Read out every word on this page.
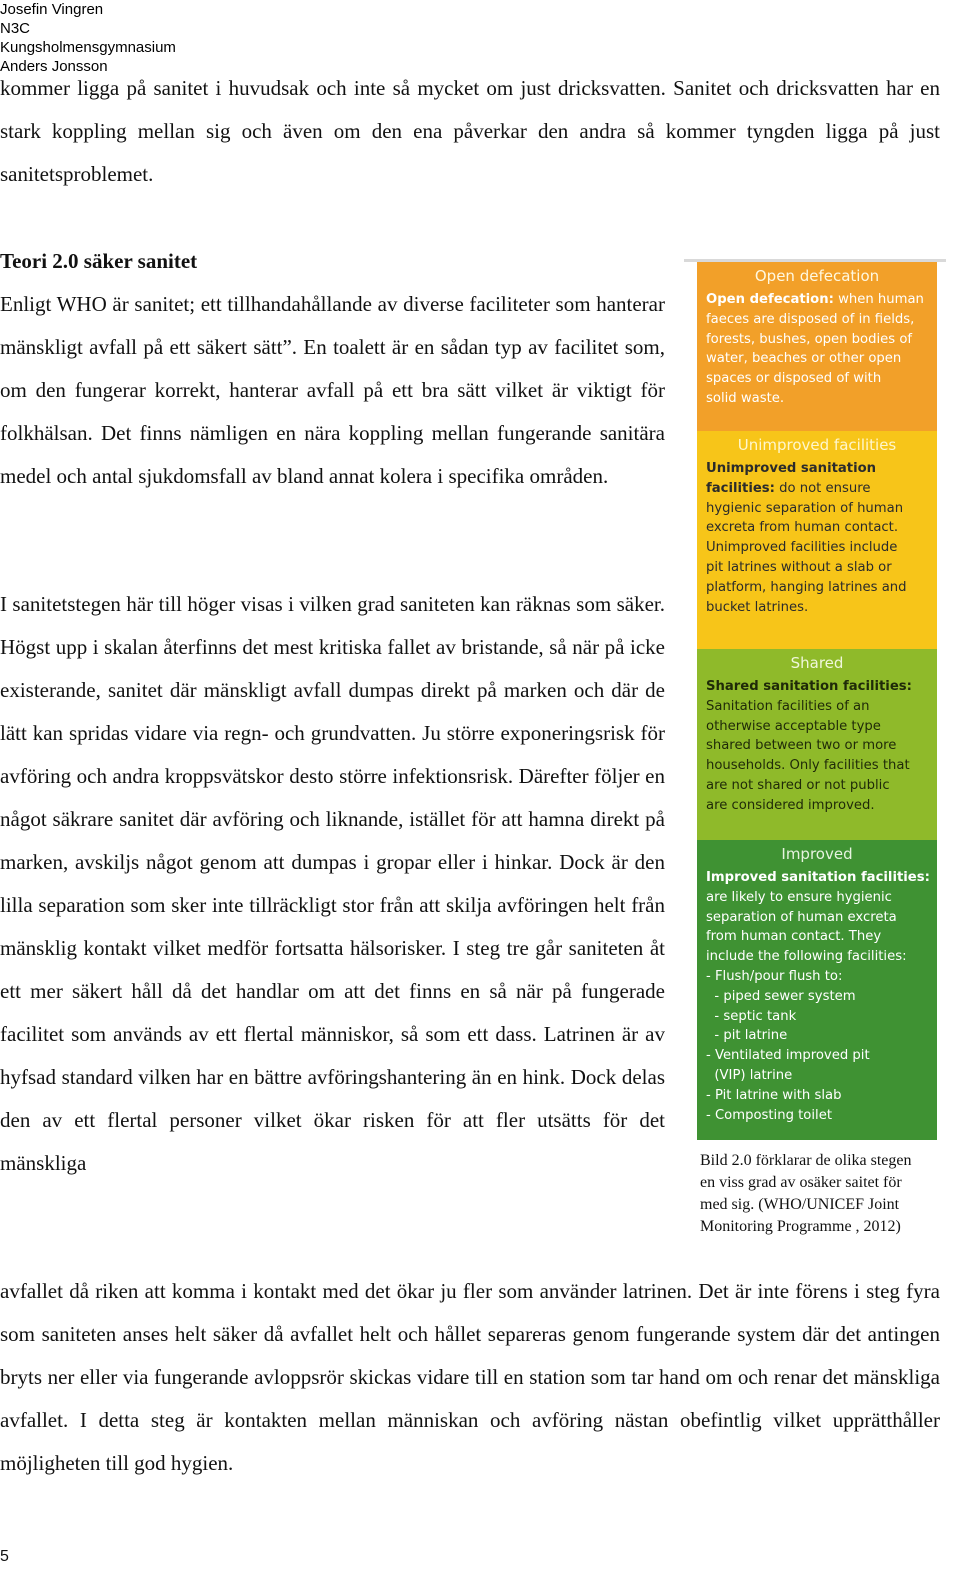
Josefin Vingren
N3C
Kungsholmensgymnasium
Anders Jonsson

kommer ligga på sanitet i huvudsak och inte så mycket om just dricksvatten. Sanitet och dricksvatten har en stark koppling mellan sig och även om den ena påverkar den andra så kommer tyngden ligga på just sanitetsproblemet.

Teori 2.0 säker sanitet

Enligt WHO är sanitet; ett tillhandahållande av diverse faciliteter som hanterar mänskligt avfall på ett säkert sätt”. En toalett är en sådan typ av facilitet som, om den fungerar korrekt, hanterar avfall på ett bra sätt vilket är viktigt för folkhälsan. Det finns nämligen en nära koppling mellan fungerande sanitära medel och antal sjukdomsfall av bland annat kolera i specifika områden.

I sanitetstegen här till höger visas i vilken grad saniteten kan räknas som säker. Högst upp i skalan återfinns det mest kritiska fallet av bristande, så när på icke existerande, sanitet där mänskligt avfall dumpas direkt på marken och där de lätt kan spridas vidare via regn- och grundvatten. Ju större exponeringsrisk för avföring och andra kroppsvätskor desto större infektionsrisk. Därefter följer en något säkrare sanitet där avföring och liknande, istället för att hamna direkt på marken, avskiljs något genom att dumpas i gropar eller i hinkar. Dock är den lilla separation som sker inte tillräckligt stor från att skilja avföringen helt från mänsklig kontakt vilket medför fortsatta hälsorisker. I steg tre går saniteten åt ett mer säkert håll då det handlar om att det finns en så när på fungerade facilitet som används av ett flertal människor, så som ett dass. Latrinen är av hyfsad standard vilken har en bättre avföringshantering än en hink. Dock delas den av ett flertal personer vilket ökar risken för att fler utsätts för det mänskliga

avfallet då riken att komma i kontakt med det ökar ju fler som använder latrinen. Det är inte förens i steg fyra som saniteten anses helt säker då avfallet helt och hållet separeras genom fungerande system där det antingen bryts ner eller via fungerande avloppsrör skickas vidare till en station som tar hand om och renar det mänskliga avfallet. I detta steg är kontakten mellan människan och avföring nästan obefintlig vilket upprätthåller möjligheten till god hygien.

Open defecation
Open defecation: when human
faeces are disposed of in fields,
forests, bushes, open bodies of
water, beaches or other open
spaces or disposed of with
solid waste.
Unimproved facilities
Unimproved sanitation
facilities: do not ensure
hygienic separation of human
excreta from human contact.
Unimproved facilities include
pit latrines without a slab or
platform, hanging latrines and
bucket latrines.
Shared
Shared sanitation facilities:
Sanitation facilities of an
otherwise acceptable type
shared between two or more
households. Only facilities that
are not shared or not public
are considered improved.
Improved
Improved sanitation facilities:
are likely to ensure hygienic
separation of human excreta
from human contact. They
include the following facilities:
- Flush/pour flush to:
- piped sewer system
- septic tank
- pit latrine
- Ventilated improved pit
(VIP) latrine
- Pit latrine with slab
- Composting toilet
Bild 2.0 förklarar de olika stegen
en viss grad av osäker saitet för
med sig. (WHO/UNICEF Joint
Monitoring Programme , 2012)
5
